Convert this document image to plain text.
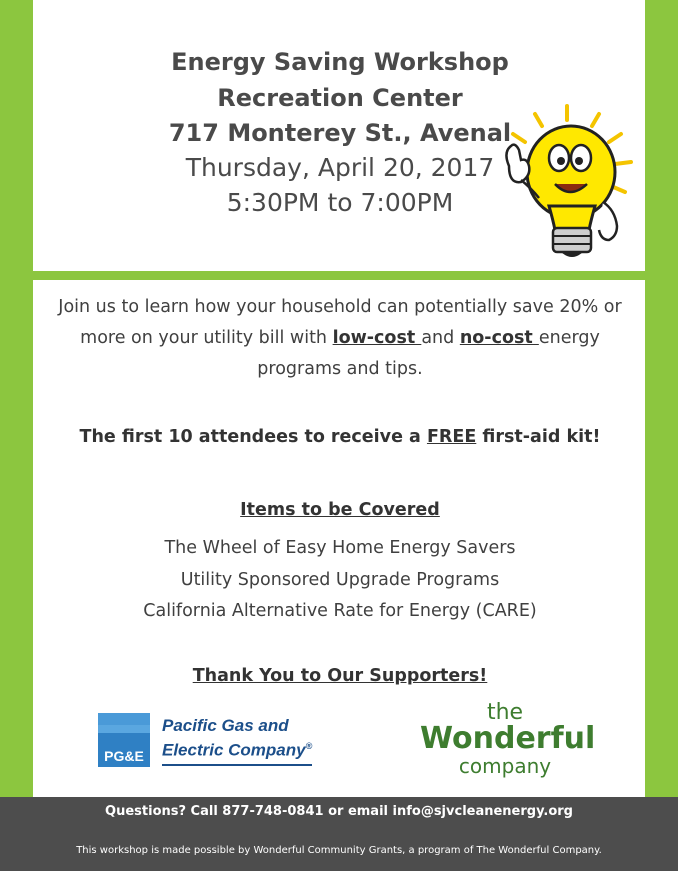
Energy Saving Workshop
Recreation Center
717 Monterey St., Avenal
Thursday, April 20, 2017
5:30PM to 7:00PM
Join us to learn how your household can potentially save 20% or
more on your utility bill with low-cost and no-cost energy
programs and tips.
The first 10 attendees to receive a FREE first-aid kit!
Items to be Covered
The Wheel of Easy Home Energy Savers
Utility Sponsored Upgrade Programs
California Alternative Rate for Energy (CARE)
Thank You to Our Supporters!
PG&E
Pacific Gas and
Electric Company®
the
Wonderful
company
Questions? Call 877-748-0841 or email info@sjvcleanenergy.org
This workshop is made possible by Wonderful Community Grants, a program of The Wonderful Company.
